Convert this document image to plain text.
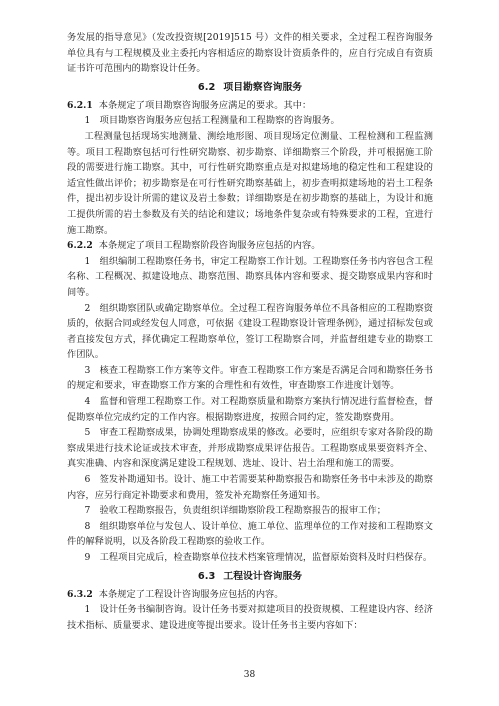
务发展的指导意见》（发改投资规[2019]515 号）文件的相关要求，全过程工程咨询服务单位具有与工程规模及业主委托内容相适应的勘察设计资质条件的，应自行完成自有资质证书许可范围内的勘察设计任务。

6.2 项目勘察咨询服务

6.2.1 本条规定了项目勘察咨询服务应满足的要求。其中：

1　项目勘察咨询服务应包括工程测量和工程勘察的咨询服务。

工程测量包括现场实地测量、测绘地形图、项目现场定位测量、工程检测和工程监测等。项目工程勘察包括可行性研究勘察、初步勘察、详细勘察三个阶段，并可根据施工阶段的需要进行施工勘察。其中，可行性研究勘察重点是对拟建场地的稳定性和工程建设的适宜性做出评价；初步勘察是在可行性研究勘察基础上，初步查明拟建场地的岩土工程条件，提出初步设计所需的建议及岩土参数；详细勘察是在初步勘察的基础上，为设计和施工提供所需的岩土参数及有关的结论和建议；场地条件复杂或有特殊要求的工程，宜进行施工勘察。

6.2.2 本条规定了项目工程勘察阶段咨询服务应包括的内容。

1　组织编制工程勘察任务书，审定工程勘察工作计划。工程勘察任务书内容包含工程名称、工程概况、拟建设地点、勘察范围、勘察具体内容和要求、提交勘察成果内容和时间等。

2　组织勘察团队或确定勘察单位。全过程工程咨询服务单位不具备相应的工程勘察资质的，依据合同或经发包人同意，可依据《建设工程勘察设计管理条例》，通过招标发包或者直接发包方式，择优确定工程勘察单位，签订工程勘察合同，并监督组建专业的勘察工作团队。

3　核查工程勘察工作方案等文件。审查工程勘察工作方案是否满足合同和勘察任务书的规定和要求，审查勘察工作方案的合理性和有效性，审查勘察工作进度计划等。

4　监督和管理工程勘察工作。对工程勘察质量和勘察方案执行情况进行监督检查，督促勘察单位完成约定的工作内容。根据勘察进度，按照合同约定，签发勘察费用。

5　审查工程勘察成果，协调处理勘察成果的修改。必要时，应组织专家对各阶段的勘察成果进行技术论证或技术审查，并形成勘察成果评估报告。工程勘察成果要资料齐全、真实准确、内容和深度满足建设工程规划、选址、设计、岩土治理和施工的需要。

6　签发补勘通知书。设计、施工中若需要某种勘察报告和勘察任务书中未涉及的勘察内容，应另行商定补勘要求和费用，签发补充勘察任务通知书。

7　验收工程勘察报告，负责组织详细勘察阶段工程勘察报告的报审工作；

8　组织勘察单位与发包人、设计单位、施工单位、监理单位的工作对接和工程勘察文件的解释说明，以及各阶段工程勘察的验收工作。

9　工程项目完成后，检查勘察单位技术档案管理情况，监督原始资料及时归档保存。

6.3 工程设计咨询服务

6.3.2 本条规定了工程设计咨询服务应包括的内容。

1　设计任务书编制咨询。设计任务书要对拟建项目的投资规模、工程建设内容、经济技术指标、质量要求、建设进度等提出要求。设计任务书主要内容如下：

38
